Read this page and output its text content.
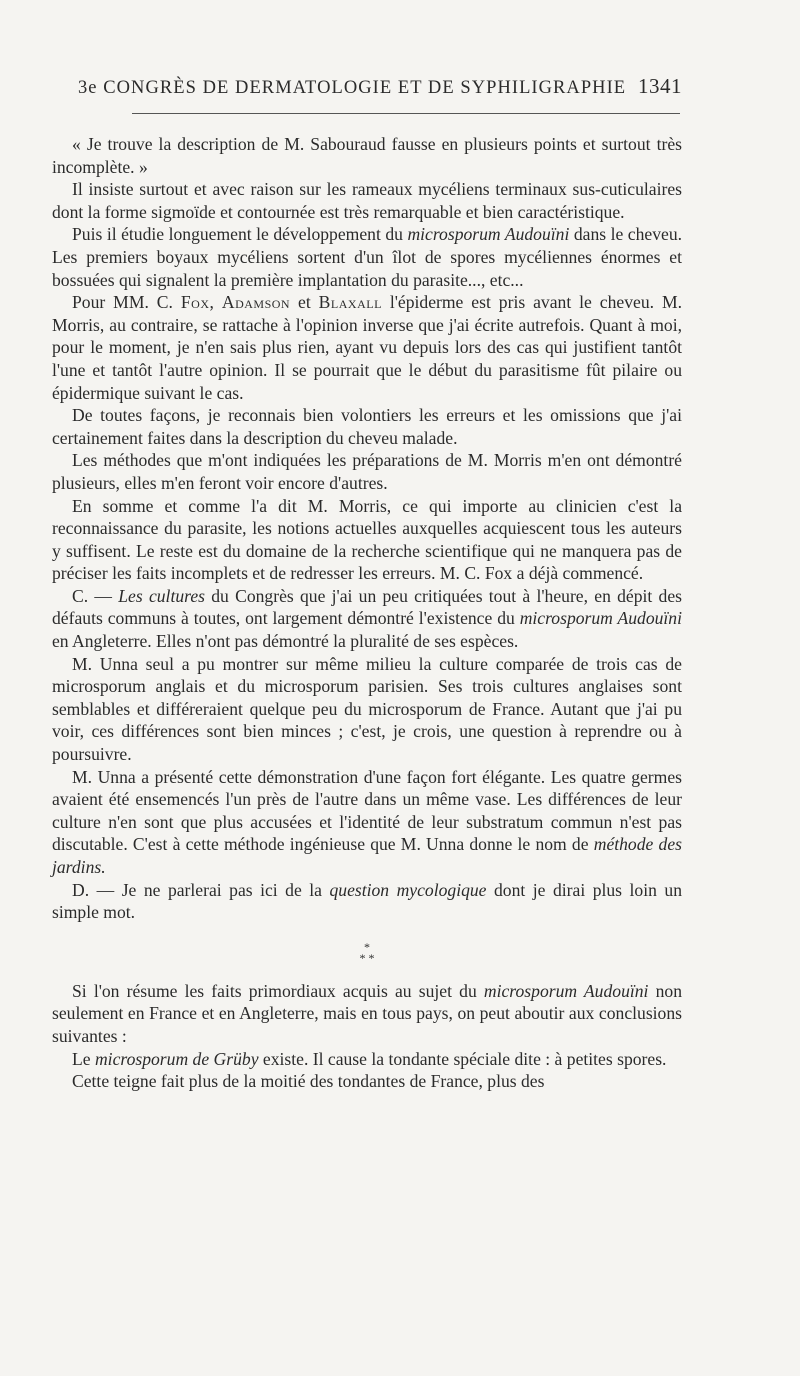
3e CONGRÈS DE DERMATOLOGIE ET DE SYPHILIGRAPHIE 1341

« Je trouve la description de M. Sabouraud fausse en plusieurs points et surtout très incomplète. »

Il insiste surtout et avec raison sur les rameaux mycéliens terminaux sus-cuticulaires dont la forme sigmoïde et contournée est très remarquable et bien caractéristique.

Puis il étudie longuement le développement du microsporum Audouïni dans le cheveu. Les premiers boyaux mycéliens sortent d'un îlot de spores mycéliennes énormes et bossuées qui signalent la première implantation du parasite..., etc...

Pour MM. C. Fox, Adamson et Blaxall l'épiderme est pris avant le cheveu. M. Morris, au contraire, se rattache à l'opinion inverse que j'ai écrite autrefois. Quant à moi, pour le moment, je n'en sais plus rien, ayant vu depuis lors des cas qui justifient tantôt l'une et tantôt l'autre opinion. Il se pourrait que le début du parasitisme fût pilaire ou épidermique suivant le cas.

De toutes façons, je reconnais bien volontiers les erreurs et les omissions que j'ai certainement faites dans la description du cheveu malade.

Les méthodes que m'ont indiquées les préparations de M. Morris m'en ont démontré plusieurs, elles m'en feront voir encore d'autres.

En somme et comme l'a dit M. Morris, ce qui importe au clinicien c'est la reconnaissance du parasite, les notions actuelles auxquelles acquiescent tous les auteurs y suffisent. Le reste est du domaine de la recherche scientifique qui ne manquera pas de préciser les faits incomplets et de redresser les erreurs. M. C. Fox a déjà commencé.

C. — Les cultures du Congrès que j'ai un peu critiquées tout à l'heure, en dépit des défauts communs à toutes, ont largement démontré l'existence du microsporum Audouïni en Angleterre. Elles n'ont pas démontré la pluralité de ses espèces.

M. Unna seul a pu montrer sur même milieu la culture comparée de trois cas de microsporum anglais et du microsporum parisien. Ses trois cultures anglaises sont semblables et différeraient quelque peu du microsporum de France. Autant que j'ai pu voir, ces différences sont bien minces ; c'est, je crois, une question à reprendre ou à poursuivre.

M. Unna a présenté cette démonstration d'une façon fort élégante. Les quatre germes avaient été ensemencés l'un près de l'autre dans un même vase. Les différences de leur culture n'en sont que plus accusées et l'identité de leur substratum commun n'est pas discutable. C'est à cette méthode ingénieuse que M. Unna donne le nom de méthode des jardins.

D. — Je ne parlerai pas ici de la question mycologique dont je dirai plus loin un simple mot.

*
* *

Si l'on résume les faits primordiaux acquis au sujet du microsporum Audouïni non seulement en France et en Angleterre, mais en tous pays, on peut aboutir aux conclusions suivantes :

Le microsporum de Grüby existe. Il cause la tondante spéciale dite : à petites spores.

Cette teigne fait plus de la moitié des tondantes de France, plus des
